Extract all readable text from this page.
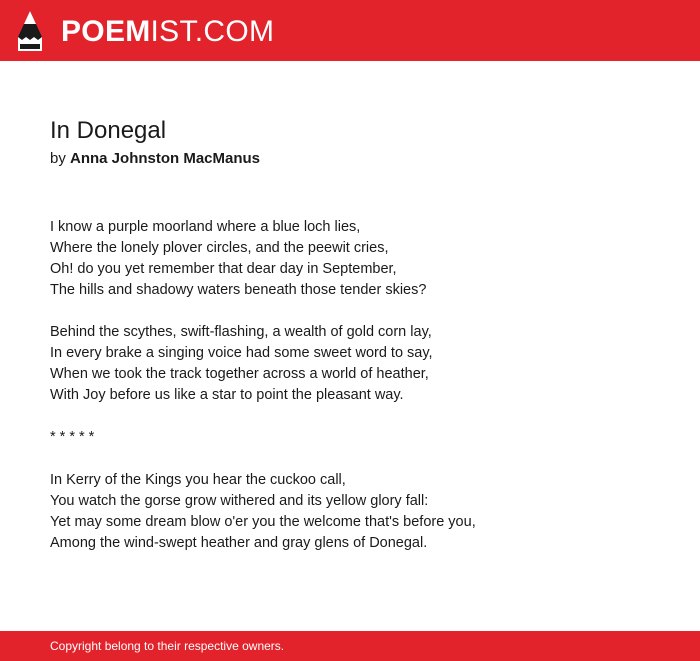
POEM IST.COM
In Donegal
by Anna Johnston MacManus
I know a purple moorland where a blue loch lies,
Where the lonely plover circles, and the peewit cries,
Oh! do you yet remember that dear day in September,
The hills and shadowy waters beneath those tender skies?
Behind the scythes, swift-flashing, a wealth of gold corn lay,
In every brake a singing voice had some sweet word to say,
When we took the track together across a world of heather,
With Joy before us like a star to point the pleasant way.
* * * * *
In Kerry of the Kings you hear the cuckoo call,
You watch the gorse grow withered and its yellow glory fall:
Yet may some dream blow o'er you the welcome that's before you,
Among the wind-swept heather and gray glens of Donegal.
Copyright belong to their respective owners.
